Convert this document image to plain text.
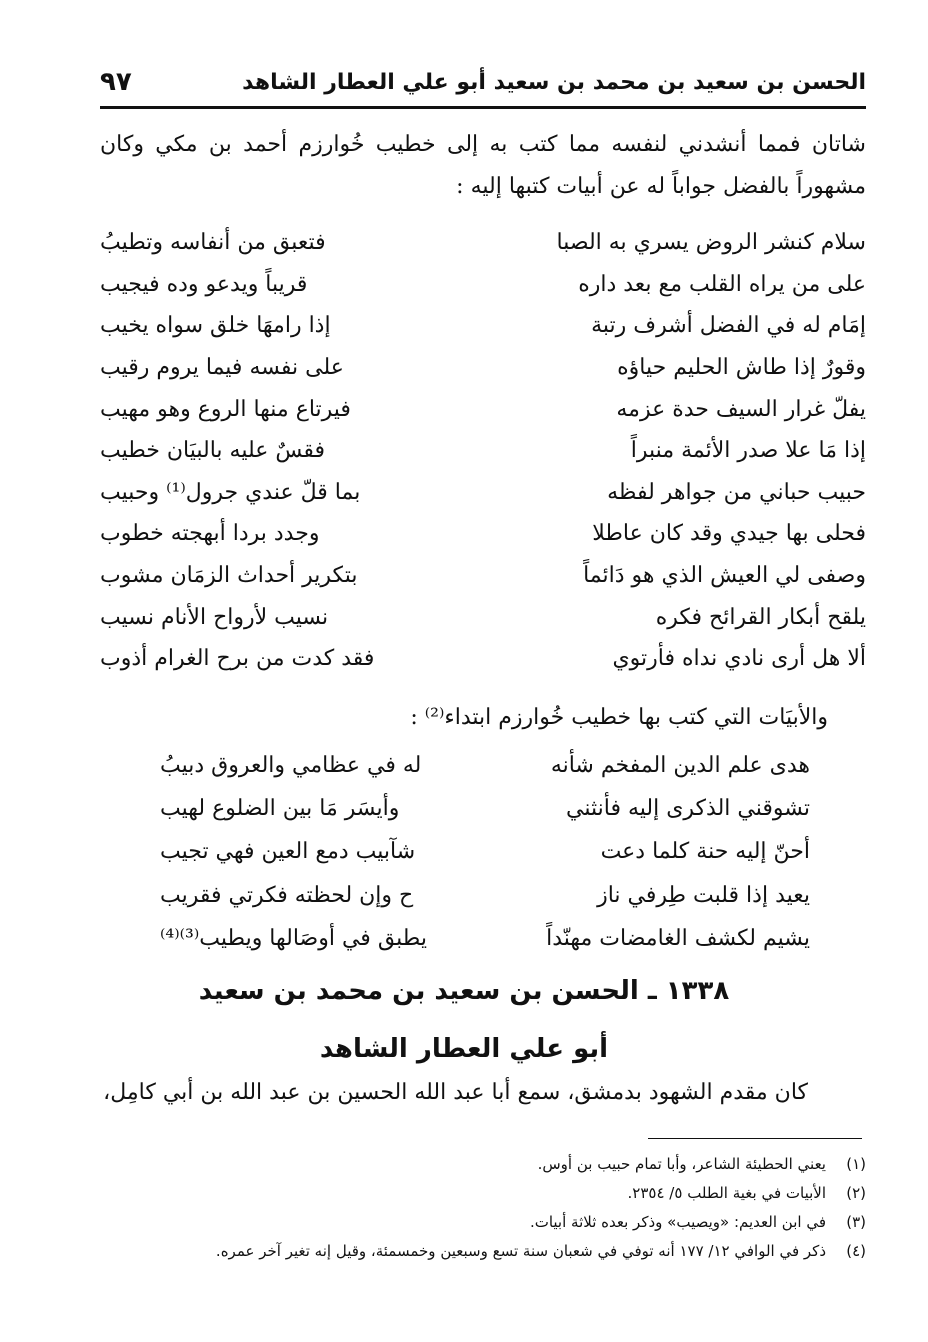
الحسن بن سعيد بن محمد بن سعيد أبو علي العطار الشاهد
٩٧
شاتان فمما أنشدني لنفسه مما كتب به إلى خطيب خُوارزم أحمد بن مكي وكان مشهوراً بالفضل جواباً له عن أبيات كتبها إليه :
سلام كنشر الروض يسري به الصبا
فتعبق من أنفاسه وتطيبُ
على من يراه القلب مع بعد داره
قريباً ويدعو وده فيجيب
إمَام له في الفضل أشرف رتبة
إذا رامهَا خلق سواه يخيب
وقورٌ إذا طاش الحليم حياؤه
على نفسه فيما يروم رقيب
يفلّ غرار السيف حدة عزمه
فيرتاع منها الروع وهو مهيب
إذا مَا علا صدر الأئمة منبراً
فقسٌ عليه بالبيَان خطيب
حبيب حباني من جواهر لفظه
بما قلّ عندي جرول⁽¹⁾ وحبيب
فحلى بها جيدي وقد كان عاطلا
وجدد بردا أبهجته خطوب
وصفى لي العيش الذي هو دَائماً
بتكرير أحداث الزمَان مشوب
يلقح أبكار القرائح فكره
نسيب لأرواح الأنام نسيب
ألا هل أرى نادي نداه فأرتوي
فقد كدت من برح الغرام أذوب
والأبيَات التي كتب بها خطيب خُوارزم ابتداء⁽²⁾ :
هدى علم الدين المفخم شأنه
له في عظامي والعروق دبيبُ
تشوقني الذكرى إليه فأنثني
وأيسَر مَا بين الضلوع لهيب
أحنّ إليه حنة كلما دعت
شآبيب دمع العين فهي تجيب
يعيد إذا قلبت طِرفي ناز
ح وإن لحظته فكرتي فقريب
يشيم لكشف الغامضات مهنّداً
يطبق في أوصَالها ويطيب⁽³⁾⁽⁴⁾
١٣٣٨ ـ الحسن بن سعيد بن محمد بن سعيد
أبو علي العطار الشاهد
كان مقدم الشهود بدمشق، سمع أبا عبد الله الحسين بن عبد الله بن أبي كامِل،
(١)
يعني الحطيئة الشاعر، وأبا تمام حبيب بن أوس.
(٢)
الأبيات في بغية الطلب ٥/ ٢٣٥٤.
(٣)
في ابن العديم: «ويصيب» وذكر بعده ثلاثة أبيات.
(٤)
ذكر في الوافي ١٢/ ١٧٧ أنه توفي في شعبان سنة تسع وسبعين وخمسمئة، وقيل إنه تغير آخر عمره.
